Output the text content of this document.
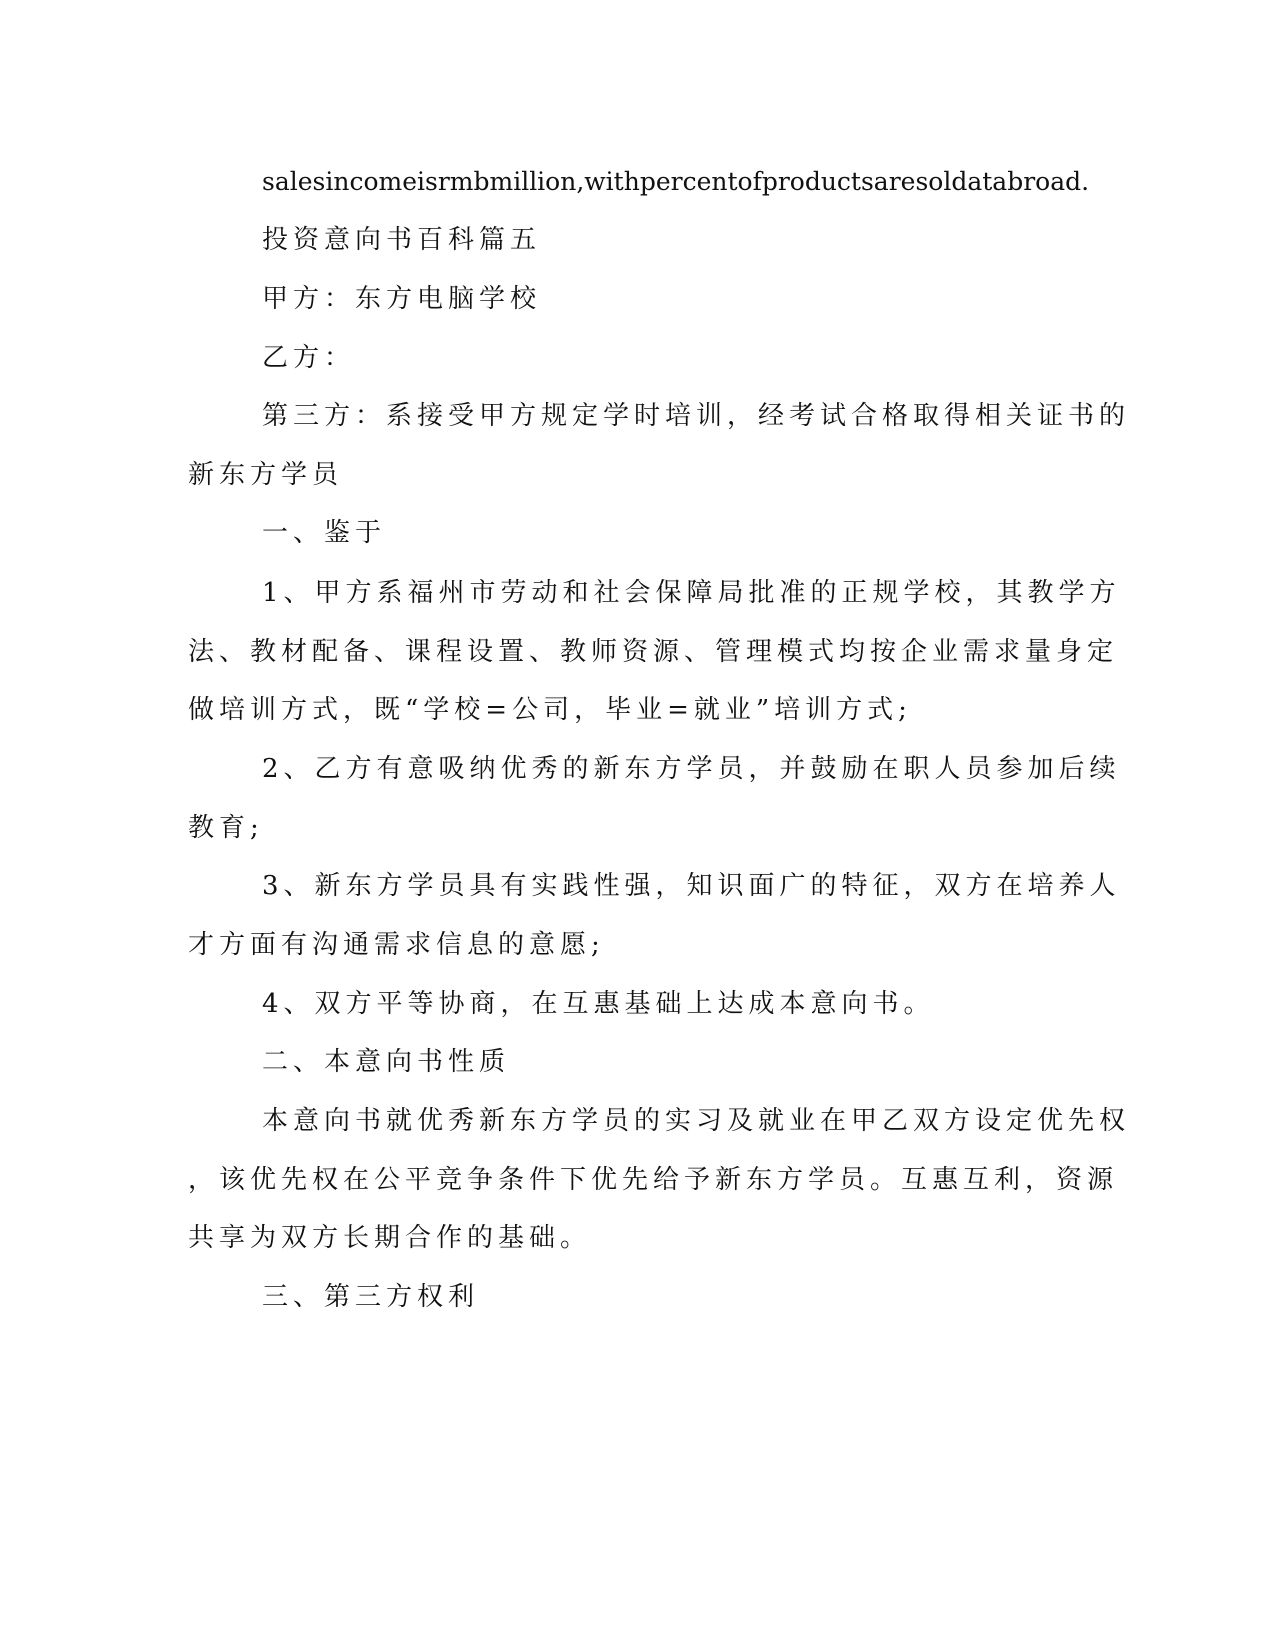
salesincomeisrmbmillion,withpercentofproductsaresoldatabroad.
投资意向书百科篇五
甲方：东方电脑学校
乙方：
第三方：系接受甲方规定学时培训，经考试合格取得相关证书的
新东方学员
一、鉴于
1、甲方系福州市劳动和社会保障局批准的正规学校，其教学方
法、教材配备、课程设置、教师资源、管理模式均按企业需求量身定
做培训方式，既“学校=公司，毕业=就业”培训方式;
2、乙方有意吸纳优秀的新东方学员，并鼓励在职人员参加后续
教育;
3、新东方学员具有实践性强，知识面广的特征，双方在培养人
才方面有沟通需求信息的意愿;
4、双方平等协商，在互惠基础上达成本意向书。
二、本意向书性质
本意向书就优秀新东方学员的实习及就业在甲乙双方设定优先权
，该优先权在公平竞争条件下优先给予新东方学员。互惠互利，资源
共享为双方长期合作的基础。
三、第三方权利
